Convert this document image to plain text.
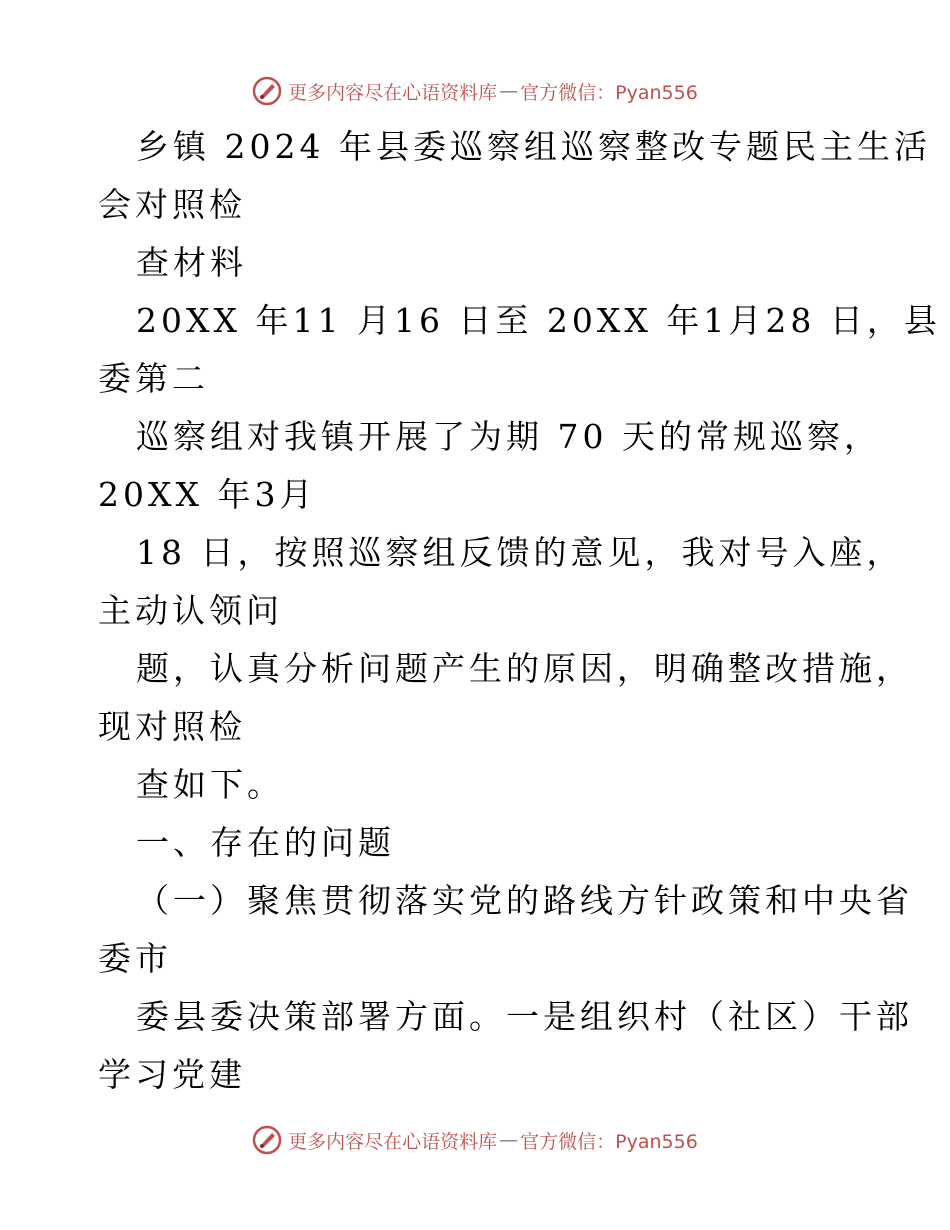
更多内容尽在心语资料库 — 官方微信：Pyan556
乡镇 2024 年县委巡察组巡察整改专题民主生活
会对照检
查材料
20XX 年11 月16 日至 20XX 年1月28 日，县
委第二
巡察组对我镇开展了为期 70 天的常规巡察，
20XX 年3月
18 日，按照巡察组反馈的意见，我对号入座，
主动认领问
题，认真分析问题产生的原因，明确整改措施，
现对照检
查如下。
一、存在的问题
（一）聚焦贯彻落实党的路线方针政策和中央省
委市
委县委决策部署方面。一是组织村（社区）干部
学习党建
更多内容尽在心语资料库 — 官方微信：Pyan556
